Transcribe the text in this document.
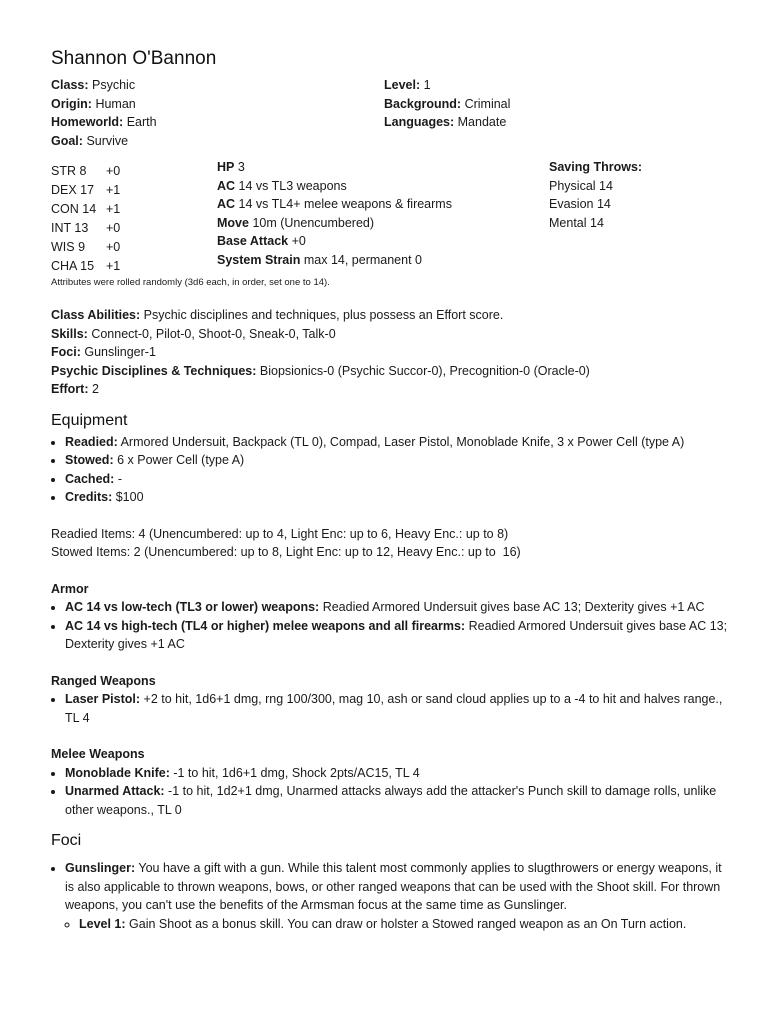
Shannon O'Bannon
Class: Psychic
Origin: Human
Homeworld: Earth
Goal: Survive
Level: 1
Background: Criminal
Languages: Mandate
STR 8	+0
DEX 17 +1
CON 14 +1
INT 13	+0
WIS 9	+0
CHA 15 +1
HP 3
AC 14 vs TL3 weapons
AC 14 vs TL4+ melee weapons & firearms
Move 10m (Unencumbered)
Base Attack +0
System Strain max 14, permanent 0
Saving Throws:
Physical 14
Evasion 14
Mental 14
Attributes were rolled randomly (3d6 each, in order, set one to 14).
Class Abilities: Psychic disciplines and techniques, plus possess an Effort score.
Skills: Connect-0, Pilot-0, Shoot-0, Sneak-0, Talk-0
Foci: Gunslinger-1
Psychic Disciplines & Techniques: Biopsionics-0 (Psychic Succor-0), Precognition-0 (Oracle-0)
Effort: 2
Equipment
• Readied: Armored Undersuit, Backpack (TL 0), Compad, Laser Pistol, Monoblade Knife, 3 x Power Cell (type A)
• Stowed: 6 x Power Cell (type A)
• Cached: -
• Credits: $100
Readied Items: 4 (Unencumbered: up to 4, Light Enc: up to 6, Heavy Enc.: up to 8)
Stowed Items: 2 (Unencumbered: up to 8, Light Enc: up to 12, Heavy Enc.: up to  16)
Armor
• AC 14 vs low-tech (TL3 or lower) weapons: Readied Armored Undersuit gives base AC 13; Dexterity gives +1 AC
• AC 14 vs high-tech (TL4 or higher) melee weapons and all firearms: Readied Armored Undersuit gives base AC 13; Dexterity gives +1 AC
Ranged Weapons
• Laser Pistol: +2 to hit, 1d6+1 dmg, rng 100/300, mag 10, ash or sand cloud applies up to a -4 to hit and halves range., TL 4
Melee Weapons
• Monoblade Knife: -1 to hit, 1d6+1 dmg, Shock 2pts/AC15, TL 4
• Unarmed Attack: -1 to hit, 1d2+1 dmg, Unarmed attacks always add the attacker's Punch skill to damage rolls, unlike other weapons., TL 0
Foci
• Gunslinger: You have a gift with a gun. While this talent most commonly applies to slugthrowers or energy weapons, it is also applicable to thrown weapons, bows, or other ranged weapons that can be used with the Shoot skill. For thrown weapons, you can't use the benefits of the Armsman focus at the same time as Gunslinger.
◦ Level 1: Gain Shoot as a bonus skill. You can draw or holster a Stowed ranged weapon as an On Turn action.
